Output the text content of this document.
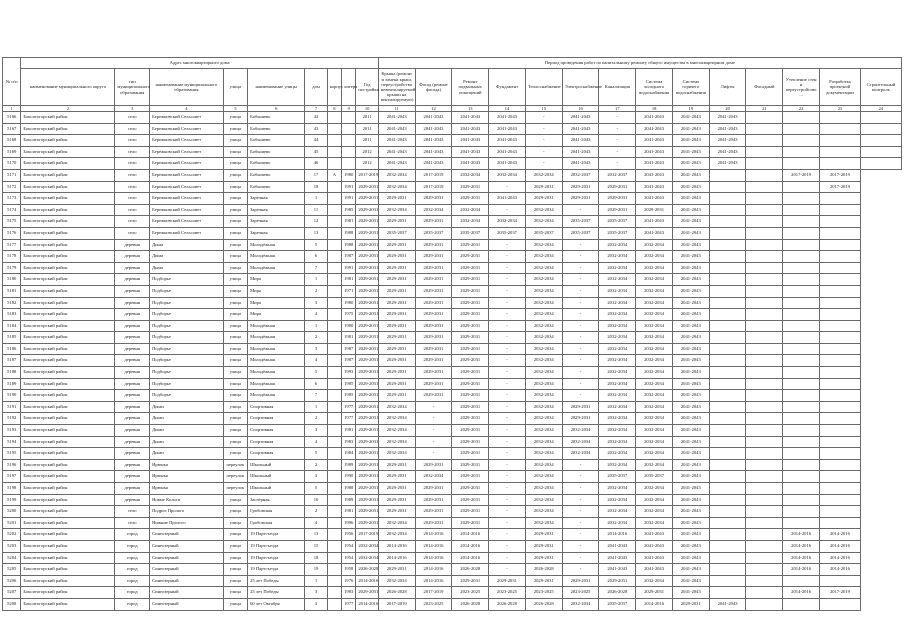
№ п/п	Адрес многоквартирного дома									Период проведения работ по капитальному ремонту общего имущества в многоквартирном доме													
	наименование муниципального округа	тип муниципального образования	наименование муниципального образования	улица	наименование улицы	дом	корпус	литера	Год постройки	Крыша (ремонт и замена крыш, переустройство невентилируемой крыши на вентилируемую)	Фасад (ремонт фасада)	Ремонт подвальных помещений	Фундамент	Теплоснабжение	Электроснабжение	Канализация	Система холодного водоснабжения	Система горячего водоснабжения	Лифты	Фасадный	Утепление стен и переустройство ...	Разработка проектной документации	Строительный контроль
1	2	3	4	5	6	7	8	9	10	11	12	13	14	15	16	17	18	19	20	21	22	23	24
5166	Бокситогорский район	село	Бережковский Сельсовет	улица	Бобышево	42			2011	2041-2043	2041-2043	2041-2043	2041-2043	-	2041-2043	-	2041-2043	2041-2043	2041-2043				
5167	Бокситогорский район	село	Бережковский Сельсовет	улица	Бобышево	43			2011	2041-2043	2041-2043	2041-2043	2041-2043	-	2041-2043	-	2041-2043	2041-2043	2041-2043				
5168	Бокситогорский район	село	Бережковский Сельсовет	улица	Бобышево	44			2011	2041-2043	2041-2043	2041-2043	2041-2043	-	2041-2043	-	2041-2043	2041-2043	2041-2043				
5169	Бокситогорский район	село	Бережковский Сельсовет	улица	Бобышево	45			2012	2041-2043	2041-2043	2041-2043	2041-2043	-	2041-2043	-	2041-2043	2041-2043	2041-2043				
5170	Бокситогорский район	село	Бережковский Сельсовет	улица	Бобышево	46			2012	2041-2043	2041-2043	2041-2043	2041-2043	-	2041-2043	-	2041-2043	2041-2043	2041-2043				
5171	Бокситогорский район	село	Бережковский Сельсовет	улица	Бобышево	17	А	1980	2017-2019	2032-2034	2017-2019	2032-2034	2032-2034	2032-2034	2032-2037	2032-2037	2041-2043	2041-2043			2017-2019	2017-2019	
5172	Бокситогорский район	село	Бережковский Сельсовет	улица	Бобышево	18		1991	2029-2031	2032-2034	2017-2019	2029-2031	-	2029-2031	2029-2031	2029-2031	2041-2043	2041-2043				2017-2019	
5173	Бокситогорский район	село	Бережковский Сельсовет	улица	Заречная	1		1991	2029-2031	2029-2031	2029-2031	2029-2031	2041-2043	2029-2031	2029-2031	2029-2031	2041-2043	2041-2043					
5174	Бокситогорский район	село	Бережковский Сельсовет	улица	Заречная	11		1985	2029-2031	2032-2034	2032-2034	2032-2034	-	2032-2034	-	2029-2031	2029-2031	2041-2043					
5175	Бокситогорский район	село	Бережковский Сельсовет	улица	Заречная	12		1981	2029-2031	2029-2031	2029-2031	2032-2034	2032-2034	2032-2034	2035-2037	2035-2037	2041-2043	2041-2043					
5176	Бокситогорский район	село	Бережковский Сельсовет	улица	Заречная	13		1988	2029-2031	2035-2037	2035-2037	2035-2037	2035-2037	2035-2037	2035-2037	2035-2037	2041-2043	2041-2043					
5177	Бокситогорский район	деревня	Дыма	улица	Молодёжная	5		1988	2029-2031	2029-2031	2029-2031	2029-2031	-	2032-2034	-	2032-2034	2032-2034	2041-2043					
5178	Бокситогорский район	деревня	Дыма	улица	Молодёжная	6		1987	2029-2031	2029-2031	2029-2031	2029-2031	-	2032-2034	-	2032-2034	2032-2034	2041-2043					
5179	Бокситогорский район	деревня	Дыма	улица	Молодёжная	7		1991	2029-2031	2029-2031	2029-2031	2029-2031	-	2032-2034	-	2032-2034	2032-2034	2041-2043					
5180	Бокситогорский район	деревня	Подборье	улица	Мира	1		1981	2029-2031	2029-2031	2029-2031	2029-2031	-	2032-2034	-	2032-2034	2032-2034	2041-2043					
5181	Бокситогорский район	деревня	Подборье	улица	Мира	2		1971	2029-2031	2029-2031	2029-2031	2029-2031	-	2032-2034	-	2032-2034	2032-2034	2041-2043					
5182	Бокситогорский район	деревня	Подборье	улица	Мира	3		1980	2029-2031	2029-2031	2029-2031	2029-2031	-	2032-2034	-	2032-2034	2032-2034	2041-2043					
5183	Бокситогорский район	деревня	Подборье	улица	Мира	4		1975	2029-2031	2029-2031	2029-2031	2029-2031	-	2032-2034	-	2032-2034	2032-2034	2041-2043					
5184	Бокситогорский район	деревня	Подборье	улица	Молодёжная	1		1980	2029-2031	2029-2031	2029-2031	2029-2031	-	2032-2034	-	2032-2034	2032-2034	2041-2043					
5185	Бокситогорский район	деревня	Подборье	улица	Молодёжная	2		1981	2029-2031	2029-2031	2029-2031	2029-2031	-	2032-2034	-	2032-2034	2032-2034	2041-2043					
5186	Бокситогорский район	деревня	Подборье	улица	Молодёжная	3		1987	2029-2031	2029-2031	2029-2031	2029-2031	-	2032-2034	-	2032-2034	2032-2034	2041-2043					
5187	Бокситогорский район	деревня	Подборье	улица	Молодёжная	4		1987	2029-2031	2029-2031	2029-2031	2029-2031	-	2032-2034	-	2032-2034	2032-2034	2041-2043					
5188	Бокситогорский район	деревня	Подборье	улица	Молодёжная	5		1993	2029-2031	2029-2031	2029-2031	2029-2031	-	2032-2034	-	2032-2034	2032-2034	2041-2043					
5189	Бокситогорский район	деревня	Подборье	улица	Молодёжная	6		1985	2029-2031	2029-2031	2029-2031	2029-2031	-	2032-2034	-	2032-2034	2032-2034	2041-2043					
5190	Бокситогорский район	деревня	Подборье	улица	Молодёжная	7		1985	2029-2031	2029-2031	2029-2031	2029-2031	-	2032-2034	-	2032-2034	2032-2034	2041-2043					
5191	Бокситогорский район	деревня	Дыми	улица	Спортивная	1		1977	2029-2031	2032-2034	-	2029-2031	-	2032-2034	2029-2031	2032-2034	2032-2034	2041-2043					
5192	Бокситогорский район	деревня	Дыми	улица	Спортивная	2		1977	2029-2031	2032-2034	-	2029-2031	-	2032-2034	2029-2031	2032-2034	2032-2034	2041-2043					
5193	Бокситогорский район	деревня	Дыми	улица	Спортивная	3		1981	2029-2031	2032-2034	-	2029-2031	-	2032-2034	2032-2034	2032-2034	2032-2034	2041-2043					
5194	Бокситогорский район	деревня	Дыми	улица	Спортивная	4		1983	2029-2031	2032-2034	-	2029-2031	-	2032-2034	2032-2034	2032-2034	2032-2034	2041-2043					
5195	Бокситогорский район	деревня	Дыми	улица	Спортивная	5		1984	2029-2031	2032-2034	-	2029-2031	-	2032-2034	2032-2034	2032-2034	2032-2034	2041-2043					
5196	Бокситогорский район	деревня	Ирюнья	переулок	Школьный	2		1989	2029-2031	2029-2031	2029-2031	2029-2031	-	2032-2034	-	2032-2034	2032-2034	2041-2043					
5197	Бокситогорский район	деревня	Ирюнья	переулок	Школьный	3		1990	2029-2031	2029-2031	2032-2034	2029-2031	-	2032-2034	-	2035-2037	2035-2037	2041-2043					
5198	Бокситогорский район	деревня	Ирюнья	переулок	Школьный	5		1988	2029-2031	2029-2031	2029-2031	2029-2031	-	2032-2034	-	2032-2034	2032-2034	2041-2043					
5199	Бокситогорский район	деревня	Новые Кологи	улица	Заозёрная	16		1989	2029-2031	2029-2031	2029-2031	2029-2031	-	2032-2034	-	2032-2034	2032-2034	2041-2043					
5200	Бокситогорский район	село	Подрое Пролого	улица	Гробовская	2		1981	2029-2031	2029-2031	2029-2031	2029-2031	-	2032-2034	-	2032-2034	2032-2034	2041-2043					
5201	Бокситогорский район	село	Нижние Пролого	улица	Гробовская	4		1996	2029-2031	2032-2034	2029-2031	2029-2031	-	2032-2034	-	2032-2034	2032-2034	2041-2043					
5202	Бокситогорский район	город	Синеозерный	улица	19 Партсъезда	13		1956	2017-2019	2032-2034	2014-2016	2014-2016	-	2029-2031	-	2014-2016	2041-2043	2041-2043			2014-2016	2014-2016	
5203	Бокситогорский район	город	Синеозерный	улица	19 Партсъезда	15		1954	2032-2034	2014-2016	2014-2016	2014-2016	-	2029-2031	-	2041-2043	2041-2043	2041-2043			2014-2016	2014-2016	
5204	Бокситогорский район	город	Синеозерный	улица	19 Партсъезда	18		1954	2032-2034	2014-2016	2014-2016	2014-2016	-	2029-2031	-	2041-2043	2041-2043	2041-2043			2014-2016	2014-2016	
5205	Бокситогорский район	город	Синеозерный	улица	19 Партсъезда	19		1958	2026-2028	2029-2031	2014-2016	2026-2028	-	2026-2028	-	2041-2043	2041-2043	2041-2043			2014-2016	2014-2016	
5206	Бокситогорский район	город	Синеозерный	улица	25 лет Победы	1		1976	2014-2016	2032-2034	2014-2016	2029-2031	2029-2031	2029-2031	2029-2031	2029-2031	2032-2034	2041-2043					
5207	Бокситогорский район	город	Синеозерный	улица	25 лет Победы	3		1983	2029-2031	2026-2028	2017-2019	2023-2025	2023-2025	2023-2025	2023-2025	2026-2028	2029-2031	2041-2043			2014-2016	2017-2019	
5208	Бокситогорский район	город	Синеозерный	улица	60 лет Октября	3		1977	2014-2016	2017-2019	2023-2025	2026-2028	2026-2028	2026-2028	2032-2034	2035-2037	2014-2016	2029-2031	2041-2043				
